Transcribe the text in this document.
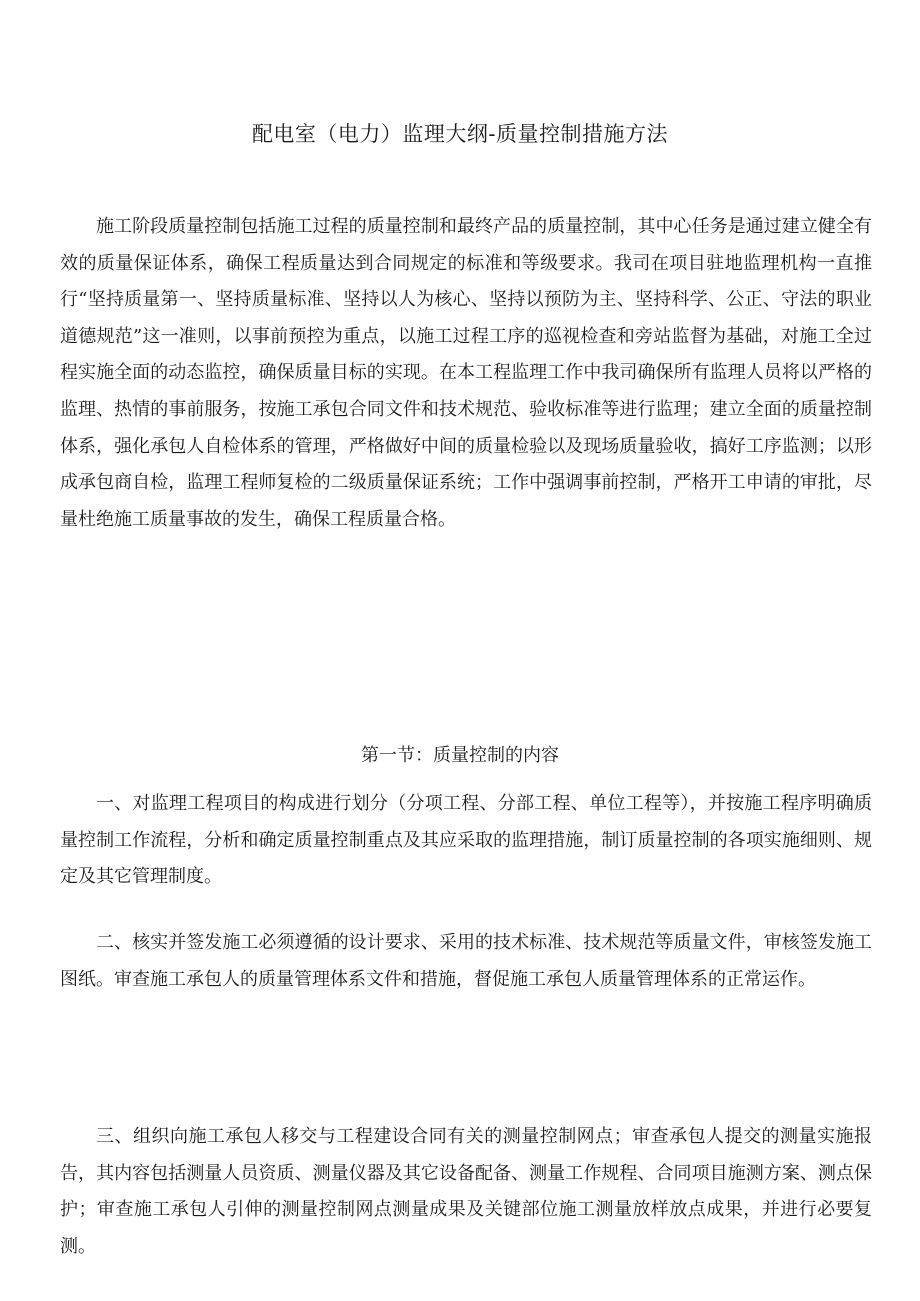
配电室（电力）监理大纲-质量控制措施方法

施工阶段质量控制包括施工过程的质量控制和最终产品的质量控制，其中心任务是通过建立健全有效的质量保证体系，确保工程质量达到合同规定的标准和等级要求。我司在项目驻地监理机构一直推行“坚持质量第一、坚持质量标准、坚持以人为核心、坚持以预防为主、坚持科学、公正、守法的职业道德规范”这一准则，以事前预控为重点，以施工过程工序的巡视检查和旁站监督为基础，对施工全过程实施全面的动态监控，确保质量目标的实现。在本工程监理工作中我司确保所有监理人员将以严格的监理、热情的事前服务，按施工承包合同文件和技术规范、验收标准等进行监理；建立全面的质量控制体系，强化承包人自检体系的管理，严格做好中间的质量检验以及现场质量验收，搞好工序监测；以形成承包商自检，监理工程师复检的二级质量保证系统；工作中强调事前控制，严格开工申请的审批，尽量杜绝施工质量事故的发生，确保工程质量合格。

第一节：质量控制的内容

一、对监理工程项目的构成进行划分（分项工程、分部工程、单位工程等），并按施工程序明确质量控制工作流程，分析和确定质量控制重点及其应采取的监理措施，制订质量控制的各项实施细则、规定及其它管理制度。

二、核实并签发施工必须遵循的设计要求、采用的技术标准、技术规范等质量文件，审核签发施工图纸。审查施工承包人的质量管理体系文件和措施，督促施工承包人质量管理体系的正常运作。

三、组织向施工承包人移交与工程建设合同有关的测量控制网点；审查承包人提交的测量实施报告，其内容包括测量人员资质、测量仪器及其它设备配备、测量工作规程、合同项目施测方案、测点保护；审查施工承包人引伸的测量控制网点测量成果及关键部位施工测量放样放点成果，并进行必要复测。
